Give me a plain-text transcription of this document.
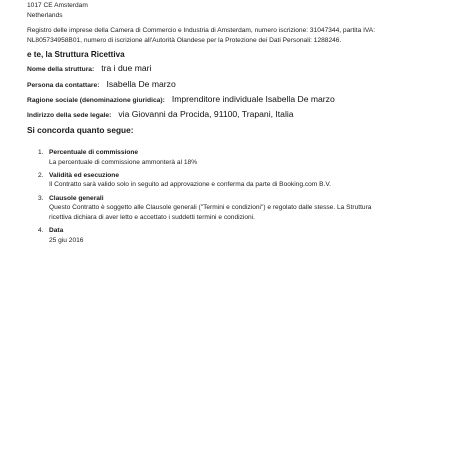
1017 CE Amsterdam
Netherlands
Registro delle imprese della Camera di Commercio e Industria di Amsterdam, numero iscrizione: 31047344, partita IVA: NL805734958B01, numero di iscrizione all'Autorità Olandese per la Protezione dei Dati Personali: 1288246.
e te, la Struttura Ricettiva
Nome della struttura: tra i due mari
Persona da contattare: Isabella De marzo
Ragione sociale (denominazione giuridica): Imprenditore individuale Isabella De marzo
Indirizzo della sede legale: via Giovanni da Procida, 91100, Trapani, Italia
Si concorda quanto segue:
1. Percentuale di commissione
La percentuale di commissione ammonterà al 18%
2. Validità ed esecuzione
Il Contratto sarà valido solo in seguito ad approvazione e conferma da parte di Booking.com B.V.
3. Clausole generali
Questo Contratto è soggetto alle Clausole generali ("Termini e condizioni") e regolato dalle stesse. La Struttura ricettiva dichiara di aver letto e accettato i suddetti termini e condizioni.
4. Data
25 giu 2016
